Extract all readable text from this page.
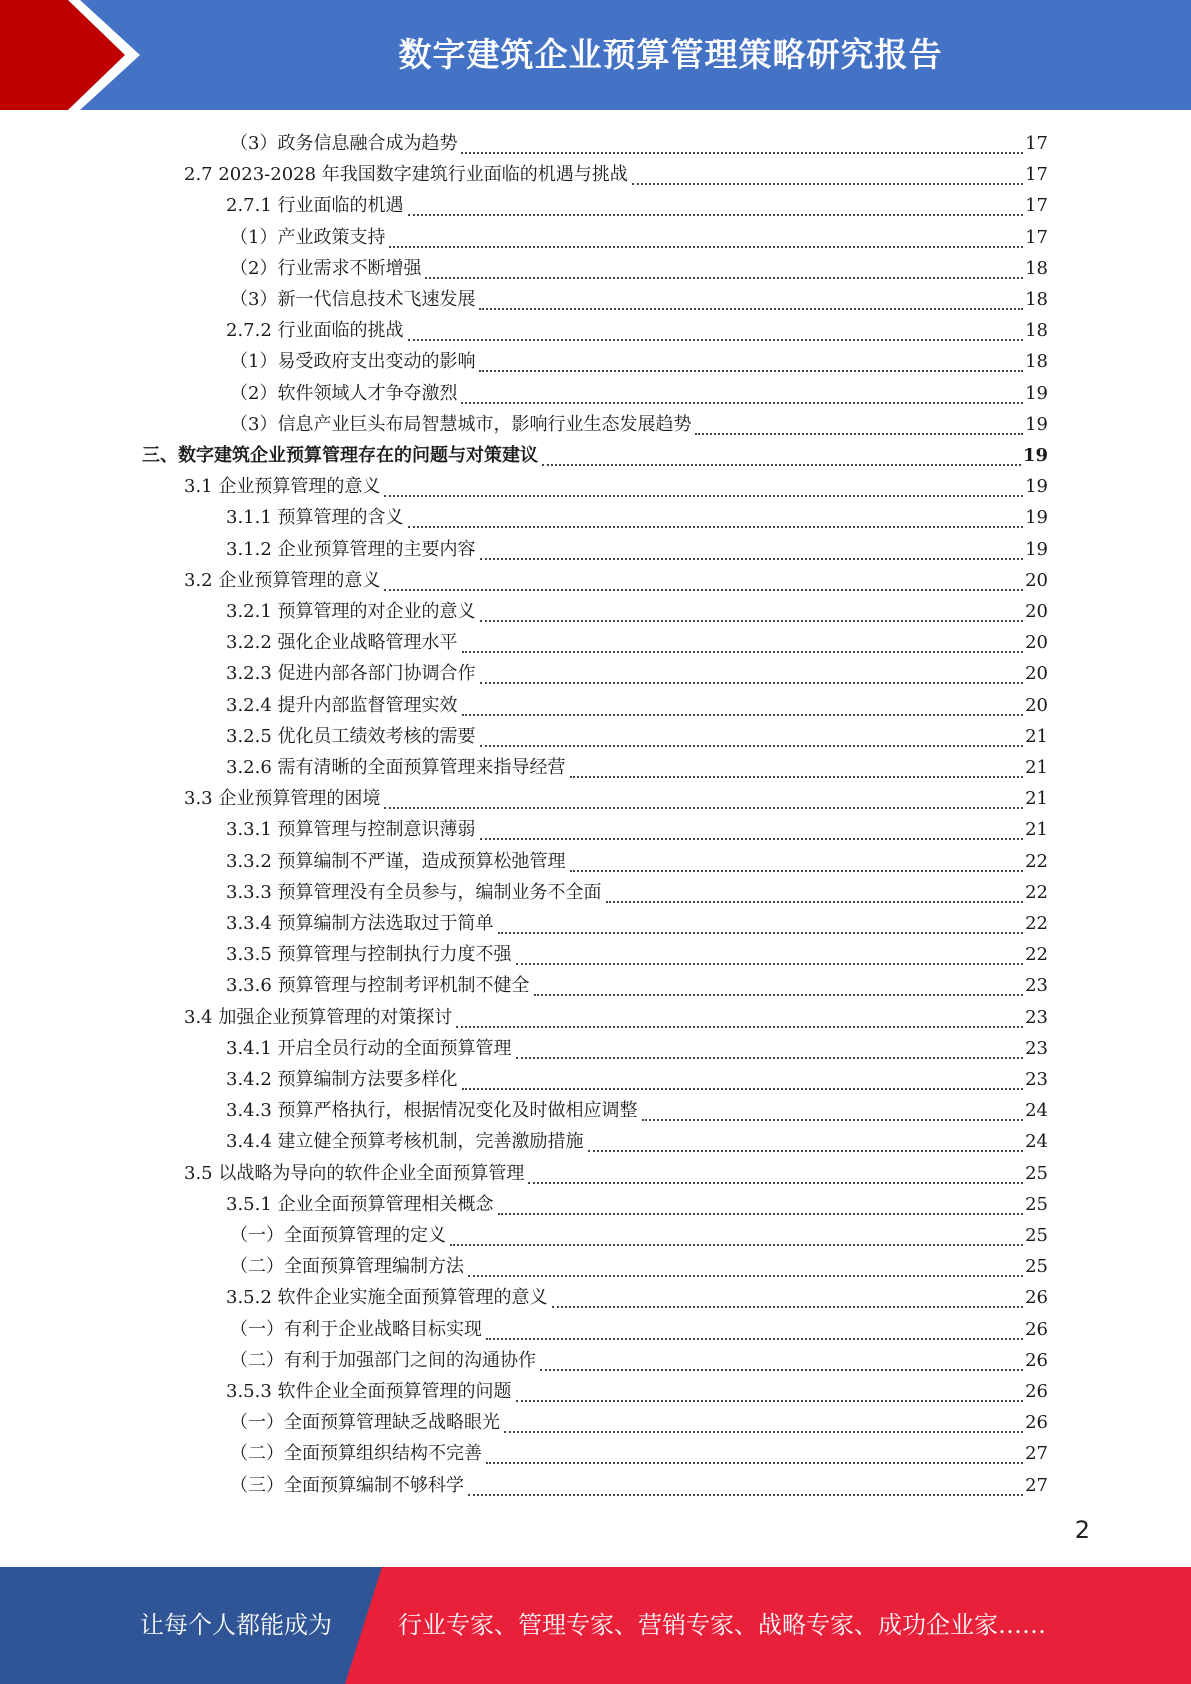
数字建筑企业预算管理策略研究报告
（3）政务信息融合成为趋势	17
2.7 2023-2028 年我国数字建筑行业面临的机遇与挑战	17
2.7.1 行业面临的机遇	17
（1）产业政策支持	17
（2）行业需求不断增强	18
（3）新一代信息技术飞速发展	18
2.7.2 行业面临的挑战	18
（1）易受政府支出变动的影响	18
（2）软件领域人才争夺激烈	19
（3）信息产业巨头布局智慧城市，影响行业生态发展趋势	19
三、数字建筑企业预算管理存在的问题与对策建议	19
3.1 企业预算管理的意义	19
3.1.1 预算管理的含义	19
3.1.2 企业预算管理的主要内容	19
3.2 企业预算管理的意义	20
3.2.1 预算管理的对企业的意义	20
3.2.2 强化企业战略管理水平	20
3.2.3 促进内部各部门协调合作	20
3.2.4 提升内部监督管理实效	20
3.2.5 优化员工绩效考核的需要	21
3.2.6 需有清晰的全面预算管理来指导经营	21
3.3 企业预算管理的困境	21
3.3.1 预算管理与控制意识薄弱	21
3.3.2 预算编制不严谨，造成预算松弛管理	22
3.3.3 预算管理没有全员参与，编制业务不全面	22
3.3.4 预算编制方法选取过于简单	22
3.3.5 预算管理与控制执行力度不强	22
3.3.6 预算管理与控制考评机制不健全	23
3.4 加强企业预算管理的对策探讨	23
3.4.1 开启全员行动的全面预算管理	23
3.4.2 预算编制方法要多样化	23
3.4.3 预算严格执行，根据情况变化及时做相应调整	24
3.4.4 建立健全预算考核机制，完善激励措施	24
3.5 以战略为导向的软件企业全面预算管理	25
3.5.1 企业全面预算管理相关概念	25
（一）全面预算管理的定义	25
（二）全面预算管理编制方法	25
3.5.2 软件企业实施全面预算管理的意义	26
（一）有利于企业战略目标实现	26
（二）有利于加强部门之间的沟通协作	26
3.5.3 软件企业全面预算管理的问题	26
（一）全面预算管理缺乏战略眼光	26
（二）全面预算组织结构不完善	27
（三）全面预算编制不够科学	27
2
让每个人都能成为	行业专家、管理专家、营销专家、战略专家、成功企业家……
